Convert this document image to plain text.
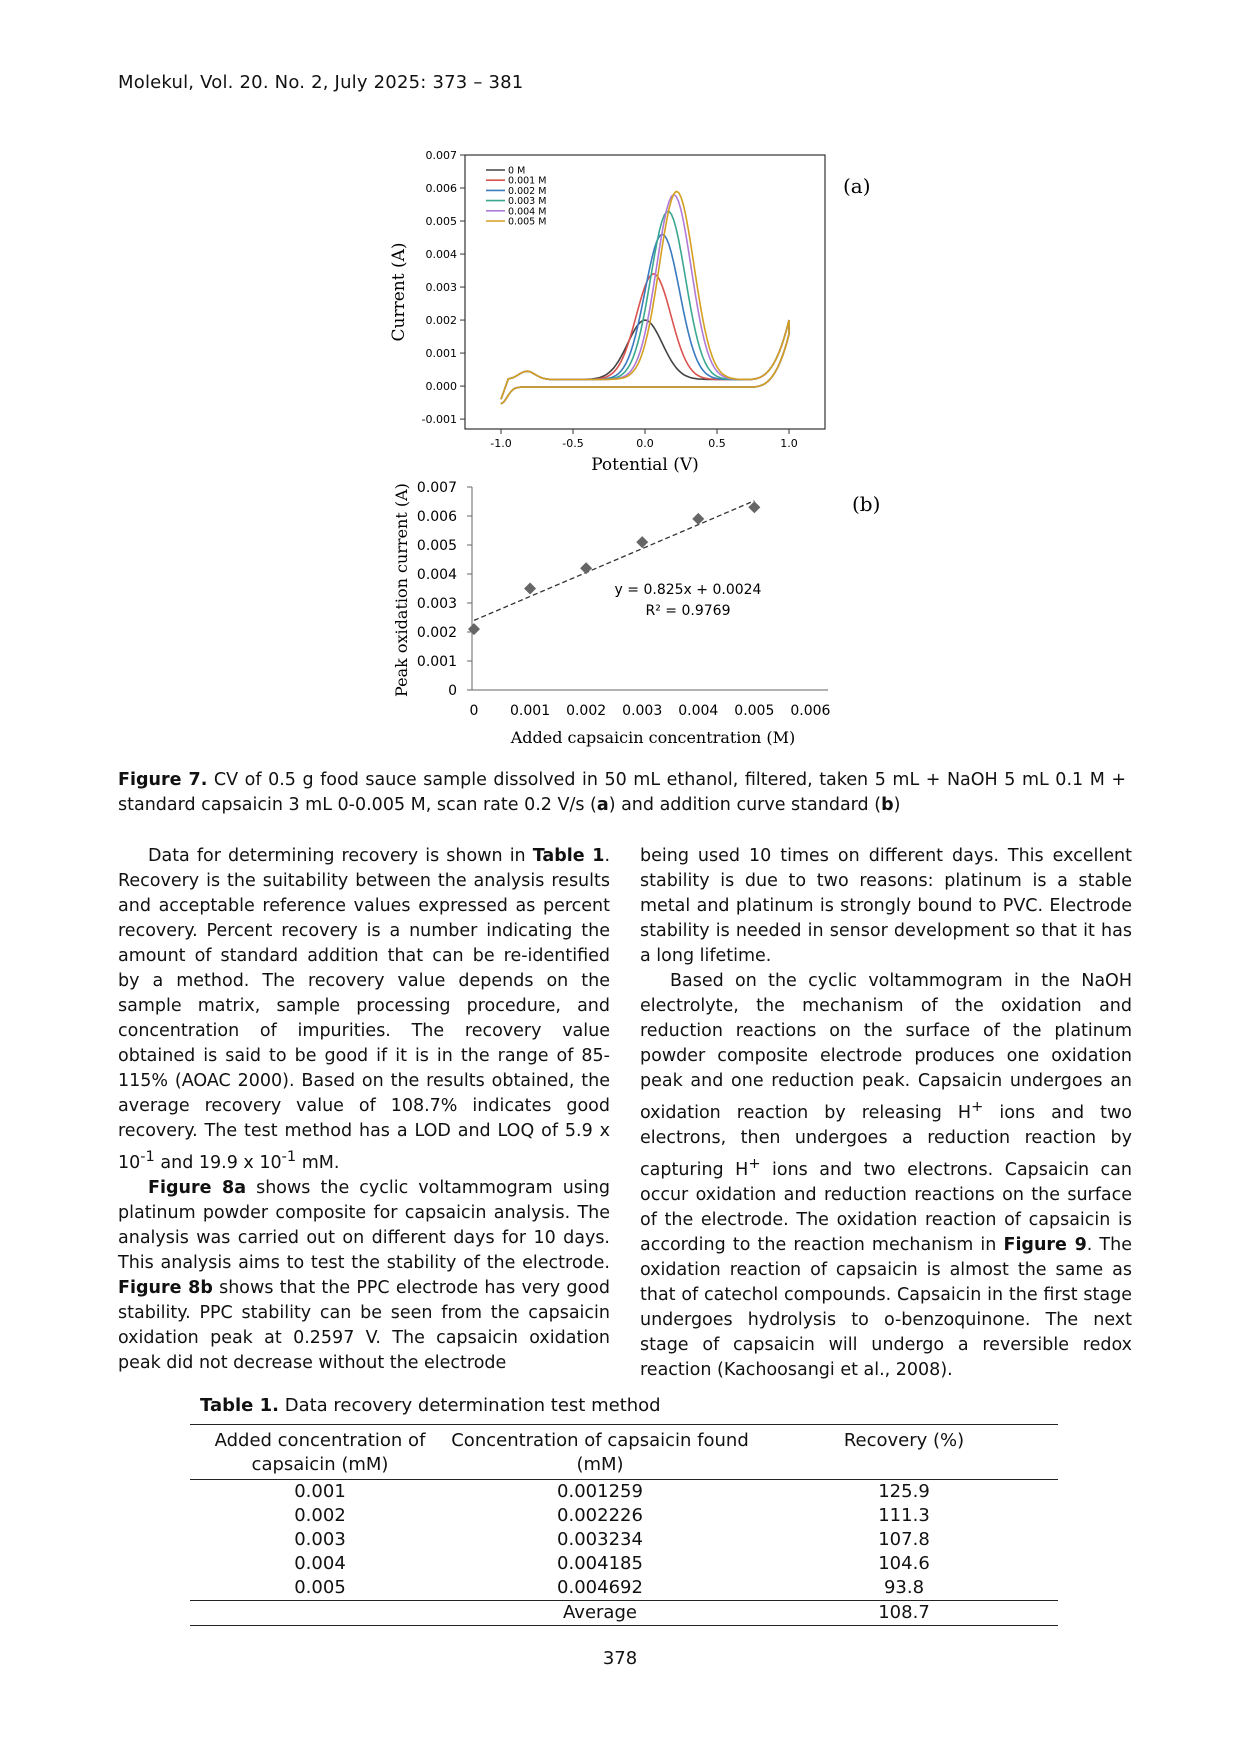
Molekul, Vol. 20. No. 2, July 2025: 373 – 381
-0.001
0.000
0.001
0.002
0.003
0.004
0.005
0.006
0.007
-1.0	-0.5	0.0	0.5	1.0
0 M
0.001 M
0.002 M
0.003 M
0.004 M
0.005 M
Current (A)
Potential (V)
(a)
0
0.001
0.002
0.003
0.004
0.005
0.006
0.007
0 0.001 0.002 0.003 0.004 0.005 0.006
y = 0.825x + 0.0024
R² = 0.9769
Peak oxidation current (A)
Added capsaicin concentration (M)
(b)
Figure 7. CV of 0.5 g food sauce sample dissolved in 50 mL ethanol, filtered, taken 5 mL + NaOH 5 mL 0.1 M + standard capsaicin 3 mL 0-0.005 M, scan rate 0.2 V/s (a) and addition curve standard (b)

Data for determining recovery is shown in Table 1. Recovery is the suitability between the analysis results and acceptable reference values expressed as percent recovery. Percent recovery is a number indicating the amount of standard addition that can be re-identified by a method. The recovery value depends on the sample matrix, sample processing procedure, and concentration of impurities. The recovery value obtained is said to be good if it is in the range of 85-115% (AOAC 2000). Based on the results obtained, the average recovery value of 108.7% indicates good recovery. The test method has a LOD and LOQ of 5.9 x $10^{-1}$ and 19.9 x $10^{-1}$ mM.

Figure 8a shows the cyclic voltammogram using platinum powder composite for capsaicin analysis. The analysis was carried out on different days for 10 days. This analysis aims to test the stability of the electrode. Figure 8b shows that the PPC electrode has very good stability. PPC stability can be seen from the capsaicin oxidation peak at 0.2597 V. The capsaicin oxidation peak did not decrease without the electrode

being used 10 times on different days. This excellent stability is due to two reasons: platinum is a stable metal and platinum is strongly bound to PVC. Electrode stability is needed in sensor development so that it has a long lifetime.

Based on the cyclic voltammogram in the NaOH electrolyte, the mechanism of the oxidation and reduction reactions on the surface of the platinum powder composite electrode produces one oxidation peak and one reduction peak. Capsaicin undergoes an oxidation reaction by releasing H+ ions and two electrons, then undergoes a reduction reaction by capturing H+ ions and two electrons. Capsaicin can occur oxidation and reduction reactions on the surface of the electrode. The oxidation reaction of capsaicin is according to the reaction mechanism in Figure 9. The oxidation reaction of capsaicin is almost the same as that of catechol compounds. Capsaicin in the first stage undergoes hydrolysis to o-benzoquinone. The next stage of capsaicin will undergo a reversible redox reaction (Kachoosangi et al., 2008).

Table 1. Data recovery determination test method
Added concentration of capsaicin (mM)	Concentration of capsaicin found (mM)	Recovery (%)
0.001	0.001259	125.9
0.002	0.002226	111.3
0.003	0.003234	107.8
0.004	0.004185	104.6
0.005	0.004692	93.8
	Average	108.7
378
